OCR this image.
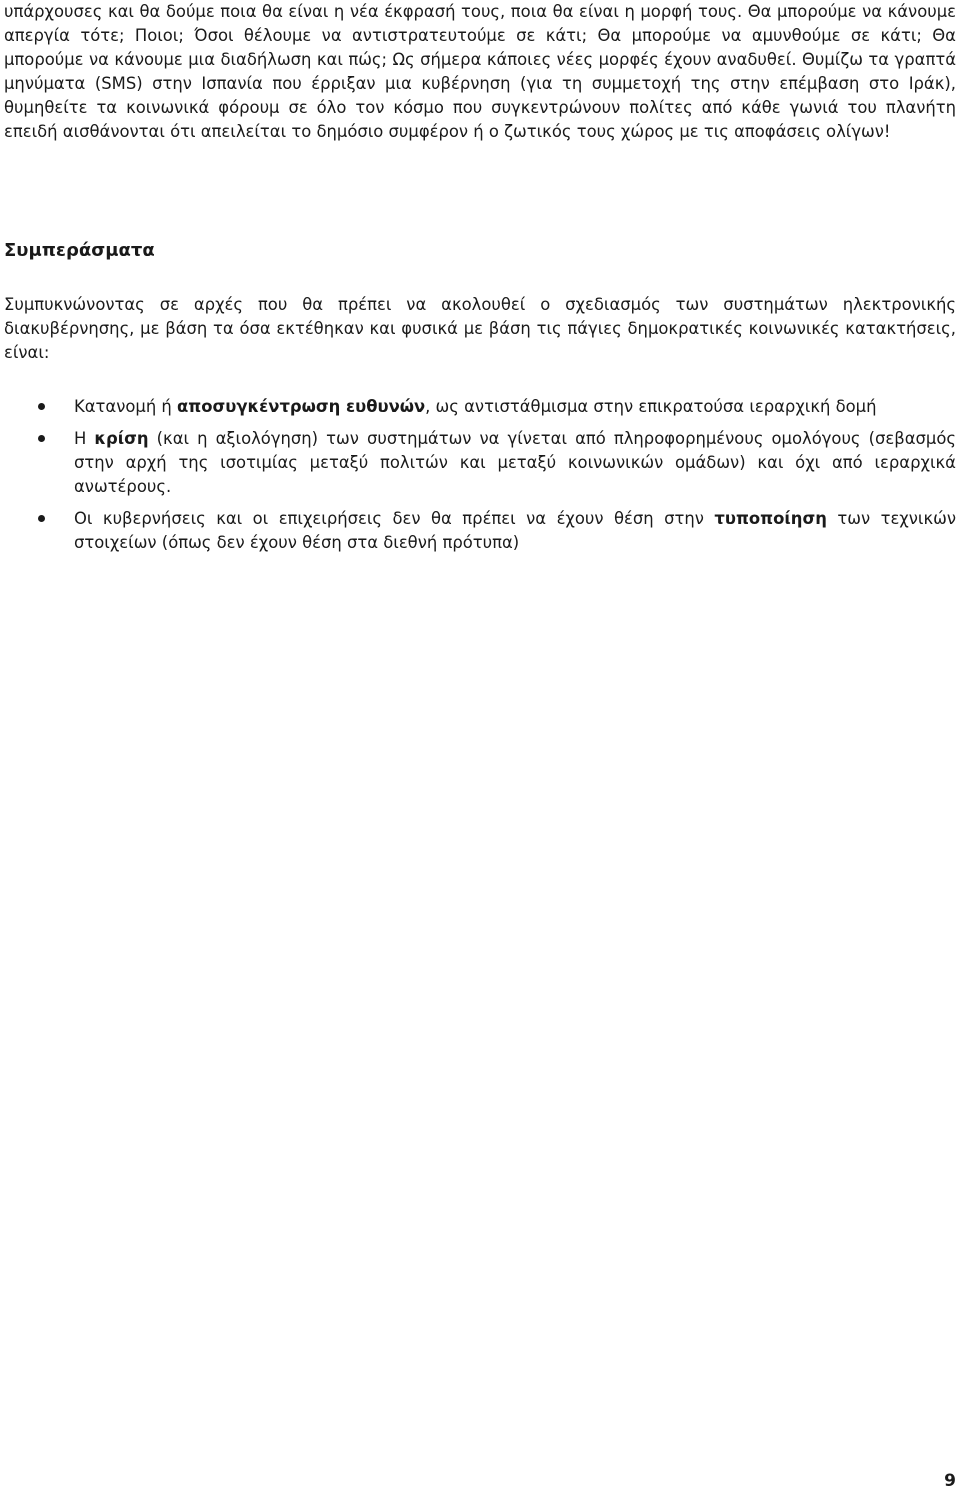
υπάρχουσες και θα δούμε ποια θα είναι η νέα έκφρασή τους, ποια θα είναι η μορφή τους. Θα μπορούμε να κάνουμε απεργία τότε; Ποιοι; Όσοι θέλουμε να αντιστρατευτούμε σε κάτι; Θα μπορούμε να αμυνθούμε σε κάτι; Θα μπορούμε να κάνουμε μια διαδήλωση και πώς; Ως σήμερα κάποιες νέες μορφές έχουν αναδυθεί. Θυμίζω τα γραπτά μηνύματα (SMS) στην Ισπανία που έρριξαν μια κυβέρνηση (για τη συμμετοχή της στην επέμβαση στο Ιράκ), θυμηθείτε τα κοινωνικά φόρουμ σε όλο τον κόσμο που συγκεντρώνουν πολίτες από κάθε γωνιά του πλανήτη επειδή αισθάνονται ότι απειλείται το δημόσιο συμφέρον ή ο ζωτικός τους χώρος με τις αποφάσεις ολίγων!

Συμπεράσματα

Συμπυκνώνοντας σε αρχές που θα πρέπει να ακολουθεί ο σχεδιασμός των συστημάτων ηλεκτρονικής διακυβέρνησης, με βάση τα όσα εκτέθηκαν και φυσικά με βάση τις πάγιες δημοκρατικές κοινωνικές κατακτήσεις, είναι:

Κατανομή ή αποσυγκέντρωση ευθυνών, ως αντιστάθμισμα στην επικρατούσα ιεραρχική δομή
Η κρίση (και η αξιολόγηση) των συστημάτων να γίνεται από πληροφορημένους ομολόγους (σεβασμός στην αρχή της ισοτιμίας μεταξύ πολιτών και μεταξύ κοινωνικών ομάδων) και όχι από ιεραρχικά ανωτέρους.
Οι κυβερνήσεις και οι επιχειρήσεις δεν θα πρέπει να έχουν θέση στην τυποποίηση των τεχνικών στοιχείων (όπως δεν έχουν θέση στα διεθνή πρότυπα)
9
